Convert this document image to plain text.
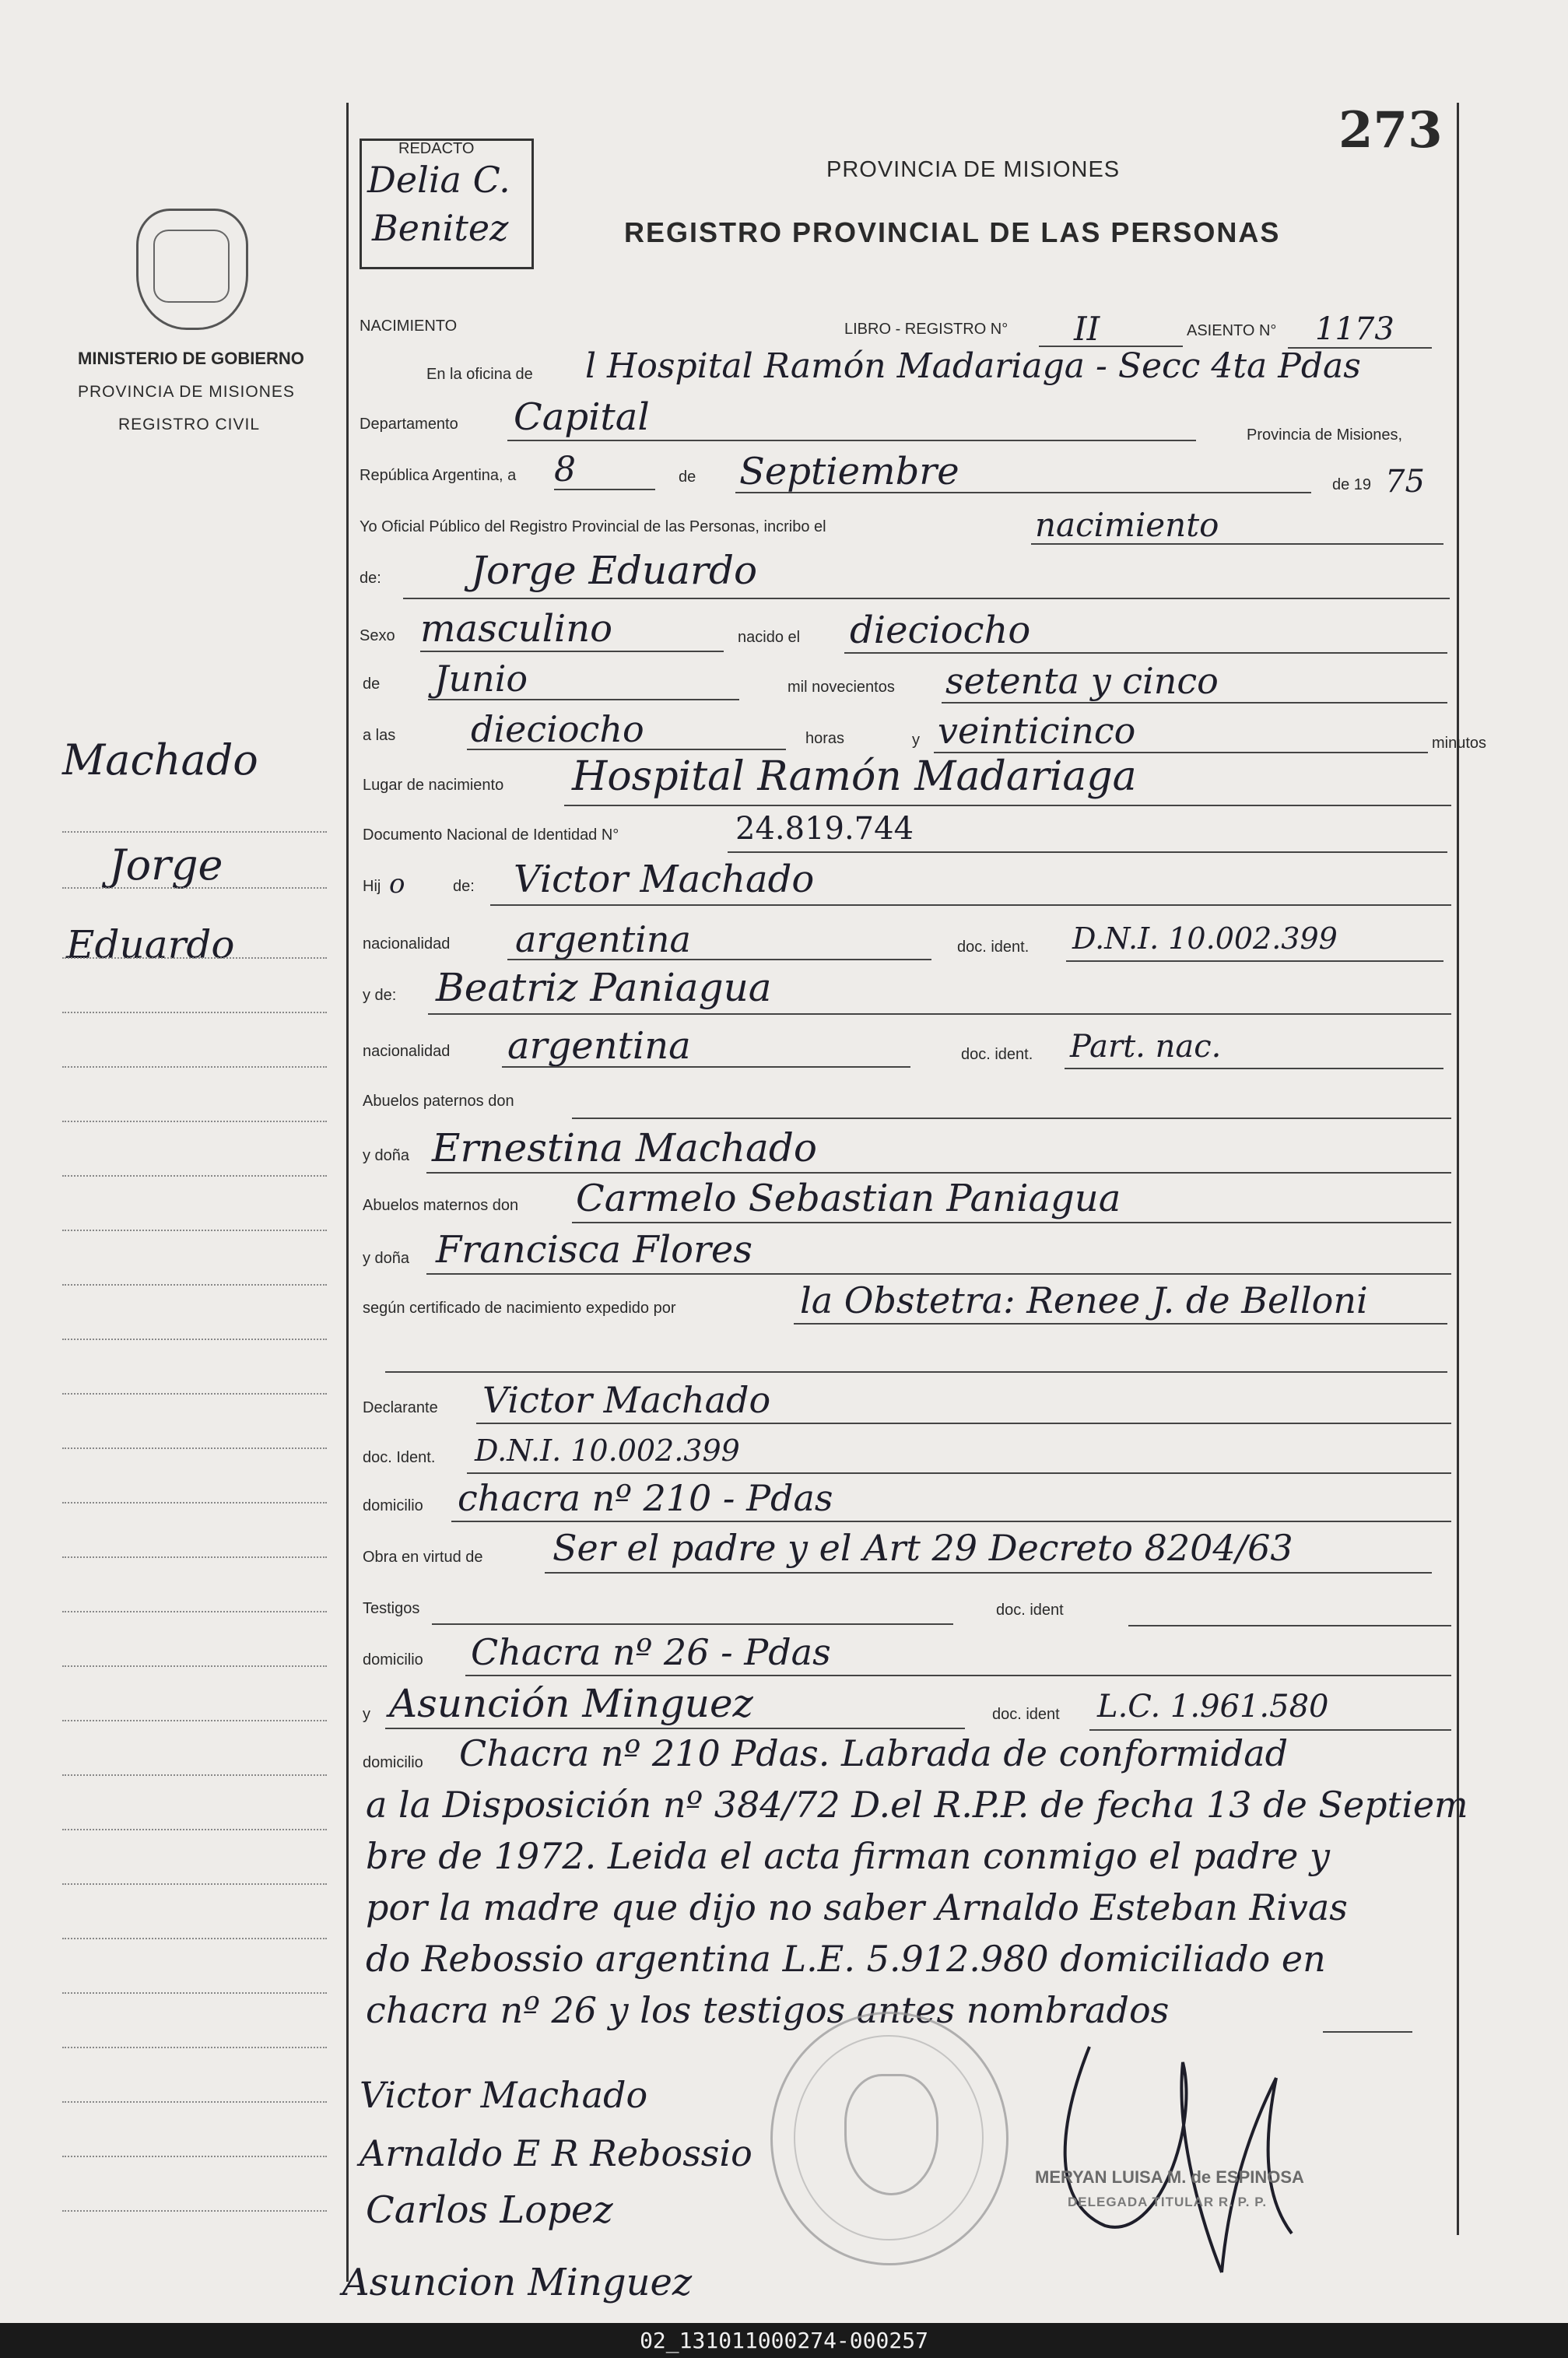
MINISTERIO DE GOBIERNO
PROVINCIA DE MISIONES
REGISTRO CIVIL
Machado
Jorge
Eduardo
273
REDACTO
Delia C.
Benitez
PROVINCIA DE MISIONES
REGISTRO PROVINCIAL DE LAS PERSONAS
NACIMIENTO	LIBRO - REGISTRO N° II	ASIENTO N° 1173
En la oficina de l Hospital Ramón Madariaga - Secc 4ta Pdas
Departamento Capital	Provincia de Misiones,
República Argentina, a 8	de Septiembre	de 19 75
Yo Oficial Público del Registro Provincial de las Personas, incribo el	nacimiento
de: Jorge Eduardo
Sexo masculino	nacido el dieciocho
de Junio	mil novecientos setenta y cinco
a las dieciocho	horas	y veinticinco	minutos
Lugar de nacimiento Hospital Ramón Madariaga
Documento Nacional de Identidad N°	24.819.744
Hij o	de: Victor Machado
nacionalidad argentina	doc. ident. D.N.I. 10.002.399
y de: Beatriz Paniagua
nacionalidad argentina	doc. ident. Part. nac.
Abuelos paternos don
y doña Ernestina Machado
Abuelos maternos don Carmelo Sebastian Paniagua
y doña Francisca Flores
según certificado de nacimiento expedido por	la Obstetra: Renee J. de Belloni
Declarante Victor Machado
doc. Ident. D.N.I. 10.002.399
domicilio chacra nº 210 - Pdas
Obra en virtud de Ser el padre y el Art 29 Decreto 8204/63
Testigos	doc. ident
domicilio Chacra nº 26 - Pdas
y Asunción Minguez	doc. ident L.C. 1.961.580
domicilio Chacra nº 210 Pdas. Labrada de conformidad
a la Disposición nº 384/72 D.el R.P.P. de fecha 13 de Septiem
bre de 1972. Leida el acta firman conmigo el padre y
por la madre que dijo no saber Arnaldo Esteban Rivas
do Rebossio argentina L.E. 5.912.980 domiciliado en
chacra nº 26 y los testigos antes nombrados
Victor Machado
Arnaldo E R Rebossio
Carlos Lopez
Asuncion Minguez
MERYAN LUISA M. de ESPINOSA
DELEGADA TITULAR R. P. P.
02_131011000274-000257
